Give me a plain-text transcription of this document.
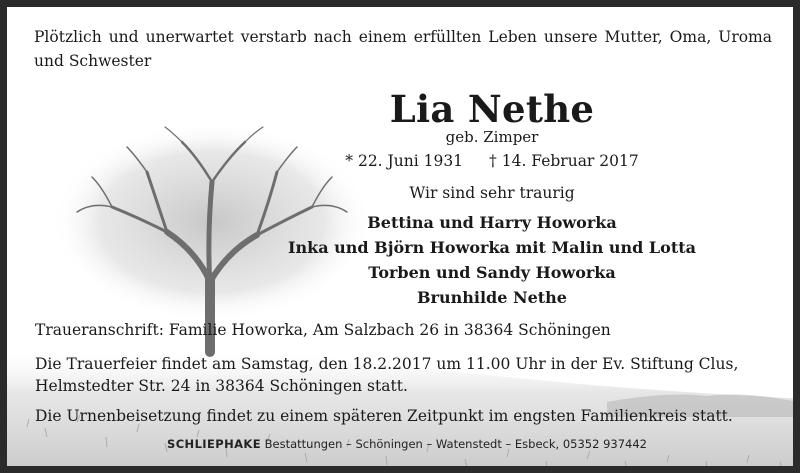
Plötzlich und unerwartet verstarb nach einem erfüllten Leben unsere Mutter, Oma, Uroma und Schwester
Lia Nethe
geb. Zimper
* 22. Juni 1931 † 14. Februar 2017
Wir sind sehr traurig
Bettina und Harry Howorka
Inka und Björn Howorka mit Malin und Lotta
Torben und Sandy Howorka
Brunhilde Nethe
Traueranschrift: Familie Howorka, Am Salzbach 26 in 38364 Schöningen
Die Trauerfeier findet am Samstag, den 18.2.2017 um 11.00 Uhr in der Ev. Stiftung Clus, Helmstedter Str. 24 in 38364 Schöningen statt.
Die Urnenbeisetzung findet zu einem späteren Zeitpunkt im engsten Familienkreis statt.
SCHLIEPHAKE Bestattungen – Schöningen – Watenstedt – Esbeck, 05352 937442
